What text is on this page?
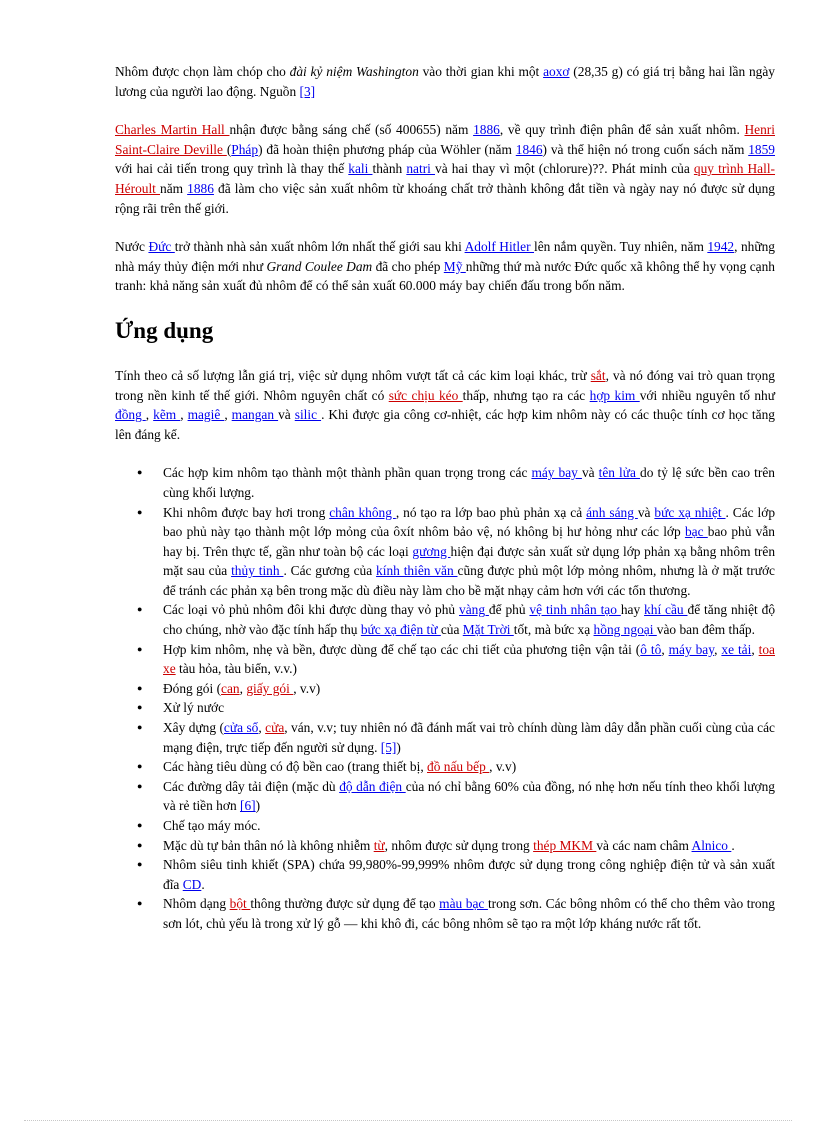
Nhôm được chọn làm chóp cho đài kỷ niệm Washington vào thời gian khi một aoxơ (28,35 g) có giá trị bằng hai lần ngày lương của người lao động. Nguồn [3]

Charles Martin Hall nhận được bằng sáng chế (số 400655) năm 1886, về quy trình điện phân để sản xuất nhôm. Henri Saint-Claire Deville (Pháp) đã hoàn thiện phương pháp của Wöhler (năm 1846) và thể hiện nó trong cuốn sách năm 1859 với hai cải tiến trong quy trình là thay thế kali thành natri và hai thay vì một (chlorure)??. Phát minh của quy trình Hall-Héroult năm 1886 đã làm cho việc sản xuất nhôm từ khoáng chất trở thành không đắt tiền và ngày nay nó được sử dụng rộng rãi trên thế giới.

Nước Đức trở thành nhà sản xuất nhôm lớn nhất thế giới sau khi Adolf Hitler lên nắm quyền. Tuy nhiên, năm 1942, những nhà máy thủy điện mới như Grand Coulee Dam đã cho phép Mỹ những thứ mà nước Đức quốc xã không thể hy vọng cạnh tranh: khả năng sản xuất đủ nhôm để có thể sản xuất 60.000 máy bay chiến đấu trong bốn năm.

Ứng dụng

Tính theo cả số lượng lẫn giá trị, việc sử dụng nhôm vượt tất cả các kim loại khác, trừ sắt, và nó đóng vai trò quan trọng trong nền kinh tế thế giới. Nhôm nguyên chất có sức chịu kéo thấp, nhưng tạo ra các hợp kim với nhiều nguyên tố như đồng , kẽm , magiê , mangan và silic . Khi được gia công cơ-nhiệt, các hợp kim nhôm này có các thuộc tính cơ học tăng lên đáng kể.

● Các hợp kim nhôm tạo thành một thành phần quan trọng trong các máy bay và tên lửa do tỷ lệ sức bền cao trên cùng khối lượng.
● Khi nhôm được bay hơi trong chân không , nó tạo ra lớp bao phủ phản xạ cả ánh sáng và bức xạ nhiệt . Các lớp bao phủ này tạo thành một lớp mỏng của ôxít nhôm bảo vệ, nó không bị hư hỏng như các lớp bạc bao phủ vẫn hay bị. Trên thực tế, gần như toàn bộ các loại gương hiện đại được sản xuất sử dụng lớp phản xạ bằng nhôm trên mặt sau của thủy tinh . Các gương của kính thiên văn cũng được phủ một lớp mỏng nhôm, nhưng là ở mặt trước để tránh các phản xạ bên trong mặc dù điều này làm cho bề mặt nhạy cảm hơn với các tổn thương.
● Các loại vỏ phủ nhôm đôi khi được dùng thay vỏ phủ vàng để phủ vệ tinh nhân tạo hay khí cầu để tăng nhiệt độ cho chúng, nhờ vào đặc tính hấp thụ bức xạ điện từ của Mặt Trời tốt, mà bức xạ hồng ngoại vào ban đêm thấp.
● Hợp kim nhôm, nhẹ và bền, được dùng để chế tạo các chi tiết của phương tiện vận tải (ô tô, máy bay, xe tải, toa xe tàu hỏa, tàu biển, v.v.)
● Đóng gói (can, giấy gói , v.v)
● Xử lý nước
● Xây dựng (cửa sổ, cửa, ván, v.v; tuy nhiên nó đã đánh mất vai trò chính dùng làm dây dẫn phần cuối cùng của các mạng điện, trực tiếp đến người sử dụng. [5])
● Các hàng tiêu dùng có độ bền cao (trang thiết bị, đồ nấu bếp , v.v)
● Các đường dây tải điện (mặc dù độ dẫn điện của nó chỉ bằng 60% của đồng, nó nhẹ hơn nếu tính theo khối lượng và rẻ tiền hơn [6])
● Chế tạo máy móc.
● Mặc dù tự bản thân nó là không nhiễm từ, nhôm được sử dụng trong thép MKM và các nam châm Alnico .
● Nhôm siêu tinh khiết (SPA) chứa 99,980%-99,999% nhôm được sử dụng trong công nghiệp điện tử và sản xuất đĩa CD.
● Nhôm dạng bột thông thường được sử dụng để tạo màu bạc trong sơn. Các bông nhôm có thể cho thêm vào trong sơn lót, chủ yếu là trong xử lý gỗ — khi khô đi, các bông nhôm sẽ tạo ra một lớp kháng nước rất tốt.
